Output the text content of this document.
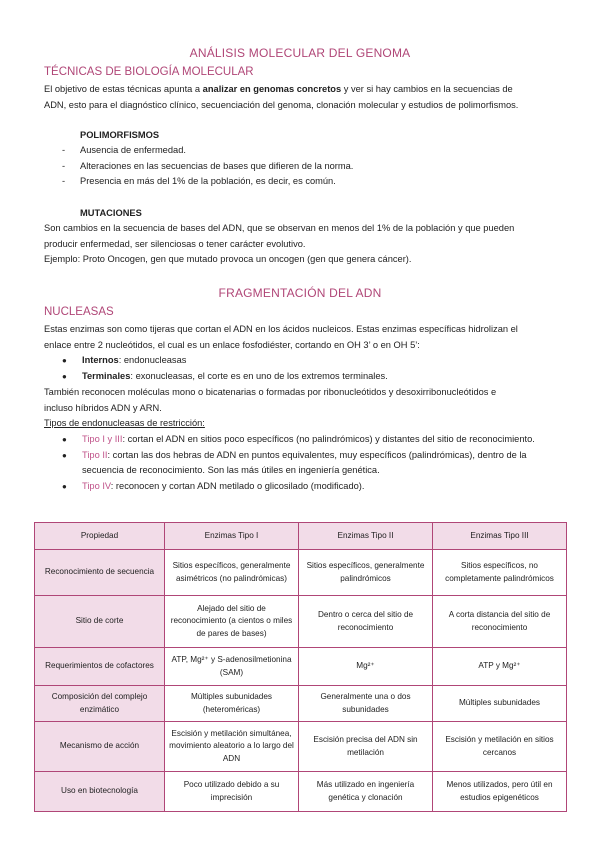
ANÁLISIS MOLECULAR DEL GENOMA
TÉCNICAS DE BIOLOGÍA MOLECULAR
El objetivo de estas técnicas apunta a analizar en genomas concretos y ver si hay cambios en la secuencias de
ADN, esto para el diagnóstico clínico, secuenciación del genoma, clonación molecular y estudios de polimorfismos.
POLIMORFISMOS
- Ausencia de enfermedad.
- Alteraciones en las secuencias de bases que difieren de la norma.
- Presencia en más del 1% de la población, es decir, es común.
MUTACIONES
Son cambios en la secuencia de bases del ADN, que se observan en menos del 1% de la población y que pueden
producir enfermedad, ser silenciosas o tener carácter evolutivo.
Ejemplo: Proto Oncogen, gen que mutado provoca un oncogen (gen que genera cáncer).
FRAGMENTACIÓN DEL ADN
NUCLEASAS
Estas enzimas son como tijeras que cortan el ADN en los ácidos nucleicos. Estas enzimas específicas hidrolizan el
enlace entre 2 nucleótidos, el cual es un enlace fosfodiéster, cortando en OH 3’ o en OH 5’:
● Internos: endonucleasas
● Terminales: exonucleasas, el corte es en uno de los extremos terminales.
También reconocen moléculas mono o bicatenarias o formadas por ribonucleótidos y desoxirribonucleótidos e
incluso híbridos ADN y ARN.
Tipos de endonucleasas de restricción:
● Tipo I y III: cortan el ADN en sitios poco específicos (no palindrómicos) y distantes del sitio de reconocimiento.
● Tipo II: cortan las dos hebras de ADN en puntos equivalentes, muy específicos (palindrómicas), dentro de la secuencia de reconocimiento. Son las más útiles en ingeniería genética.
● Tipo IV: reconocen y cortan ADN metilado o glicosilado (modificado).
Propiedad	Enzimas Tipo I	Enzimas Tipo II	Enzimas Tipo III
Reconocimiento de secuencia	Sitios específicos, generalmente asimétricos (no palindrómicas)	Sitios específicos, generalmente palindrómicos	Sitios específicos, no completamente palindrómicos
Sitio de corte	Alejado del sitio de reconocimiento (a cientos o miles de pares de bases)	Dentro o cerca del sitio de reconocimiento	A corta distancia del sitio de reconocimiento
Requerimientos de cofactores	ATP, Mg²⁺ y S-adenosilmetionina (SAM)	Mg²⁺	ATP y Mg²⁺
Composición del complejo enzimático	Múltiples subunidades (heteroméricas)	Generalmente una o dos subunidades	Múltiples subunidades
Mecanismo de acción	Escisión y metilación simultánea, movimiento aleatorio a lo largo del ADN	Escisión precisa del ADN sin metilación	Escisión y metilación en sitios cercanos
Uso en biotecnología	Poco utilizado debido a su imprecisión	Más utilizado en ingeniería genética y clonación	Menos utilizados, pero útil en estudios epigenéticos
